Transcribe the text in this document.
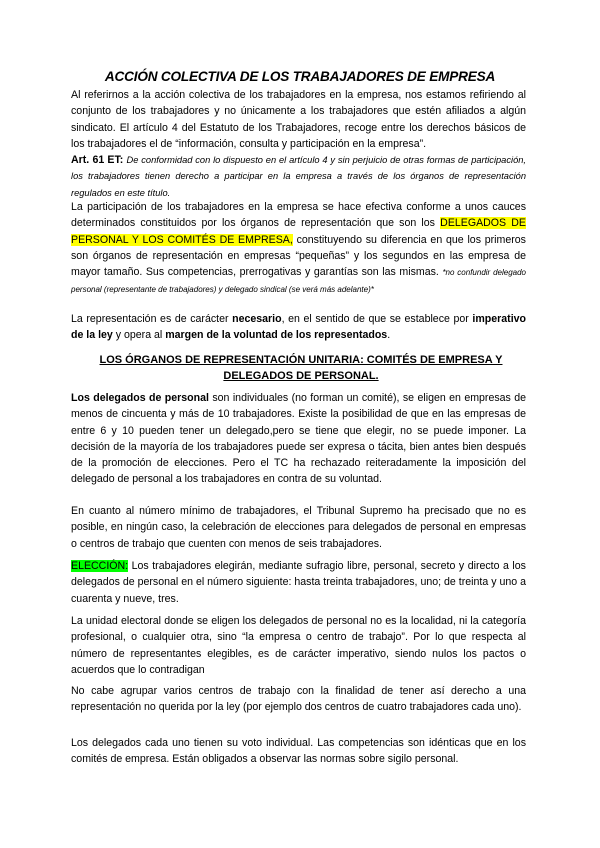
ACCIÓN COLECTIVA DE LOS TRABAJADORES DE EMPRESA
Al referirnos a la acción colectiva de los trabajadores en la empresa, nos estamos refiriendo al conjunto de los trabajadores y no únicamente a los trabajadores que estén afiliados a algún sindicato. El artículo 4 del Estatuto de los Trabajadores, recoge entre los derechos básicos de los trabajadores el de “información, consulta y participación en la empresa”.
Art. 61 ET: De conformidad con lo dispuesto en el artículo 4 y sin perjuicio de otras formas de participación, los trabajadores tienen derecho a participar en la empresa a través de los órganos de representación regulados en este título.
La participación de los trabajadores en la empresa se hace efectiva conforme a unos cauces determinados constituidos por los órganos de representación que son los DELEGADOS DE PERSONAL Y LOS COMITÉS DE EMPRESA, constituyendo su diferencia en que los primeros son órganos de representación en empresas “pequeñas” y los segundos en las empresa de mayor tamaño. Sus competencias, prerrogativas y garantías son las mismas. *no confundir delegado personal (representante de trabajadores) y delegado sindical (se verá más adelante)*
La representación es de carácter necesario, en el sentido de que se establece por imperativo de la ley y opera al margen de la voluntad de los representados.
LOS ÓRGANOS DE REPRESENTACIÓN UNITARIA: COMITÉS DE EMPRESA Y DELEGADOS DE PERSONAL.
Los delegados de personal son individuales (no forman un comité), se eligen en empresas de menos de cincuenta y más de 10 trabajadores. Existe la posibilidad de que en las empresas de entre 6 y 10 pueden tener un delegado,pero se tiene que elegir, no se puede imponer. La decisión de la mayoría de los trabajadores puede ser expresa o tácita, bien antes bien después de la promoción de elecciones. Pero el TC ha rechazado reiteradamente la imposición del delegado de personal a los trabajadores en contra de su voluntad.
En cuanto al número mínimo de trabajadores, el Tribunal Supremo ha precisado que no es posible, en ningún caso, la celebración de elecciones para delegados de personal en empresas o centros de trabajo que cuenten con menos de seis trabajadores.
ELECCIÓN: Los trabajadores elegirán, mediante sufragio libre, personal, secreto y directo a los delegados de personal en el número siguiente: hasta treinta trabajadores, uno; de treinta y uno a cuarenta y nueve, tres.
La unidad electoral donde se eligen los delegados de personal no es la localidad, ni la categoría profesional, o cualquier otra, sino “la empresa o centro de trabajo”. Por lo que respecta al número de representantes elegibles, es de carácter imperativo, siendo nulos los pactos o acuerdos que lo contradigan
No cabe agrupar varios centros de trabajo con la finalidad de tener así derecho a una representación no querida por la ley (por ejemplo dos centros de cuatro trabajadores cada uno).
Los delegados cada uno tienen su voto individual. Las competencias son idénticas que en los comités de empresa. Están obligados a observar las normas sobre sigilo personal.
